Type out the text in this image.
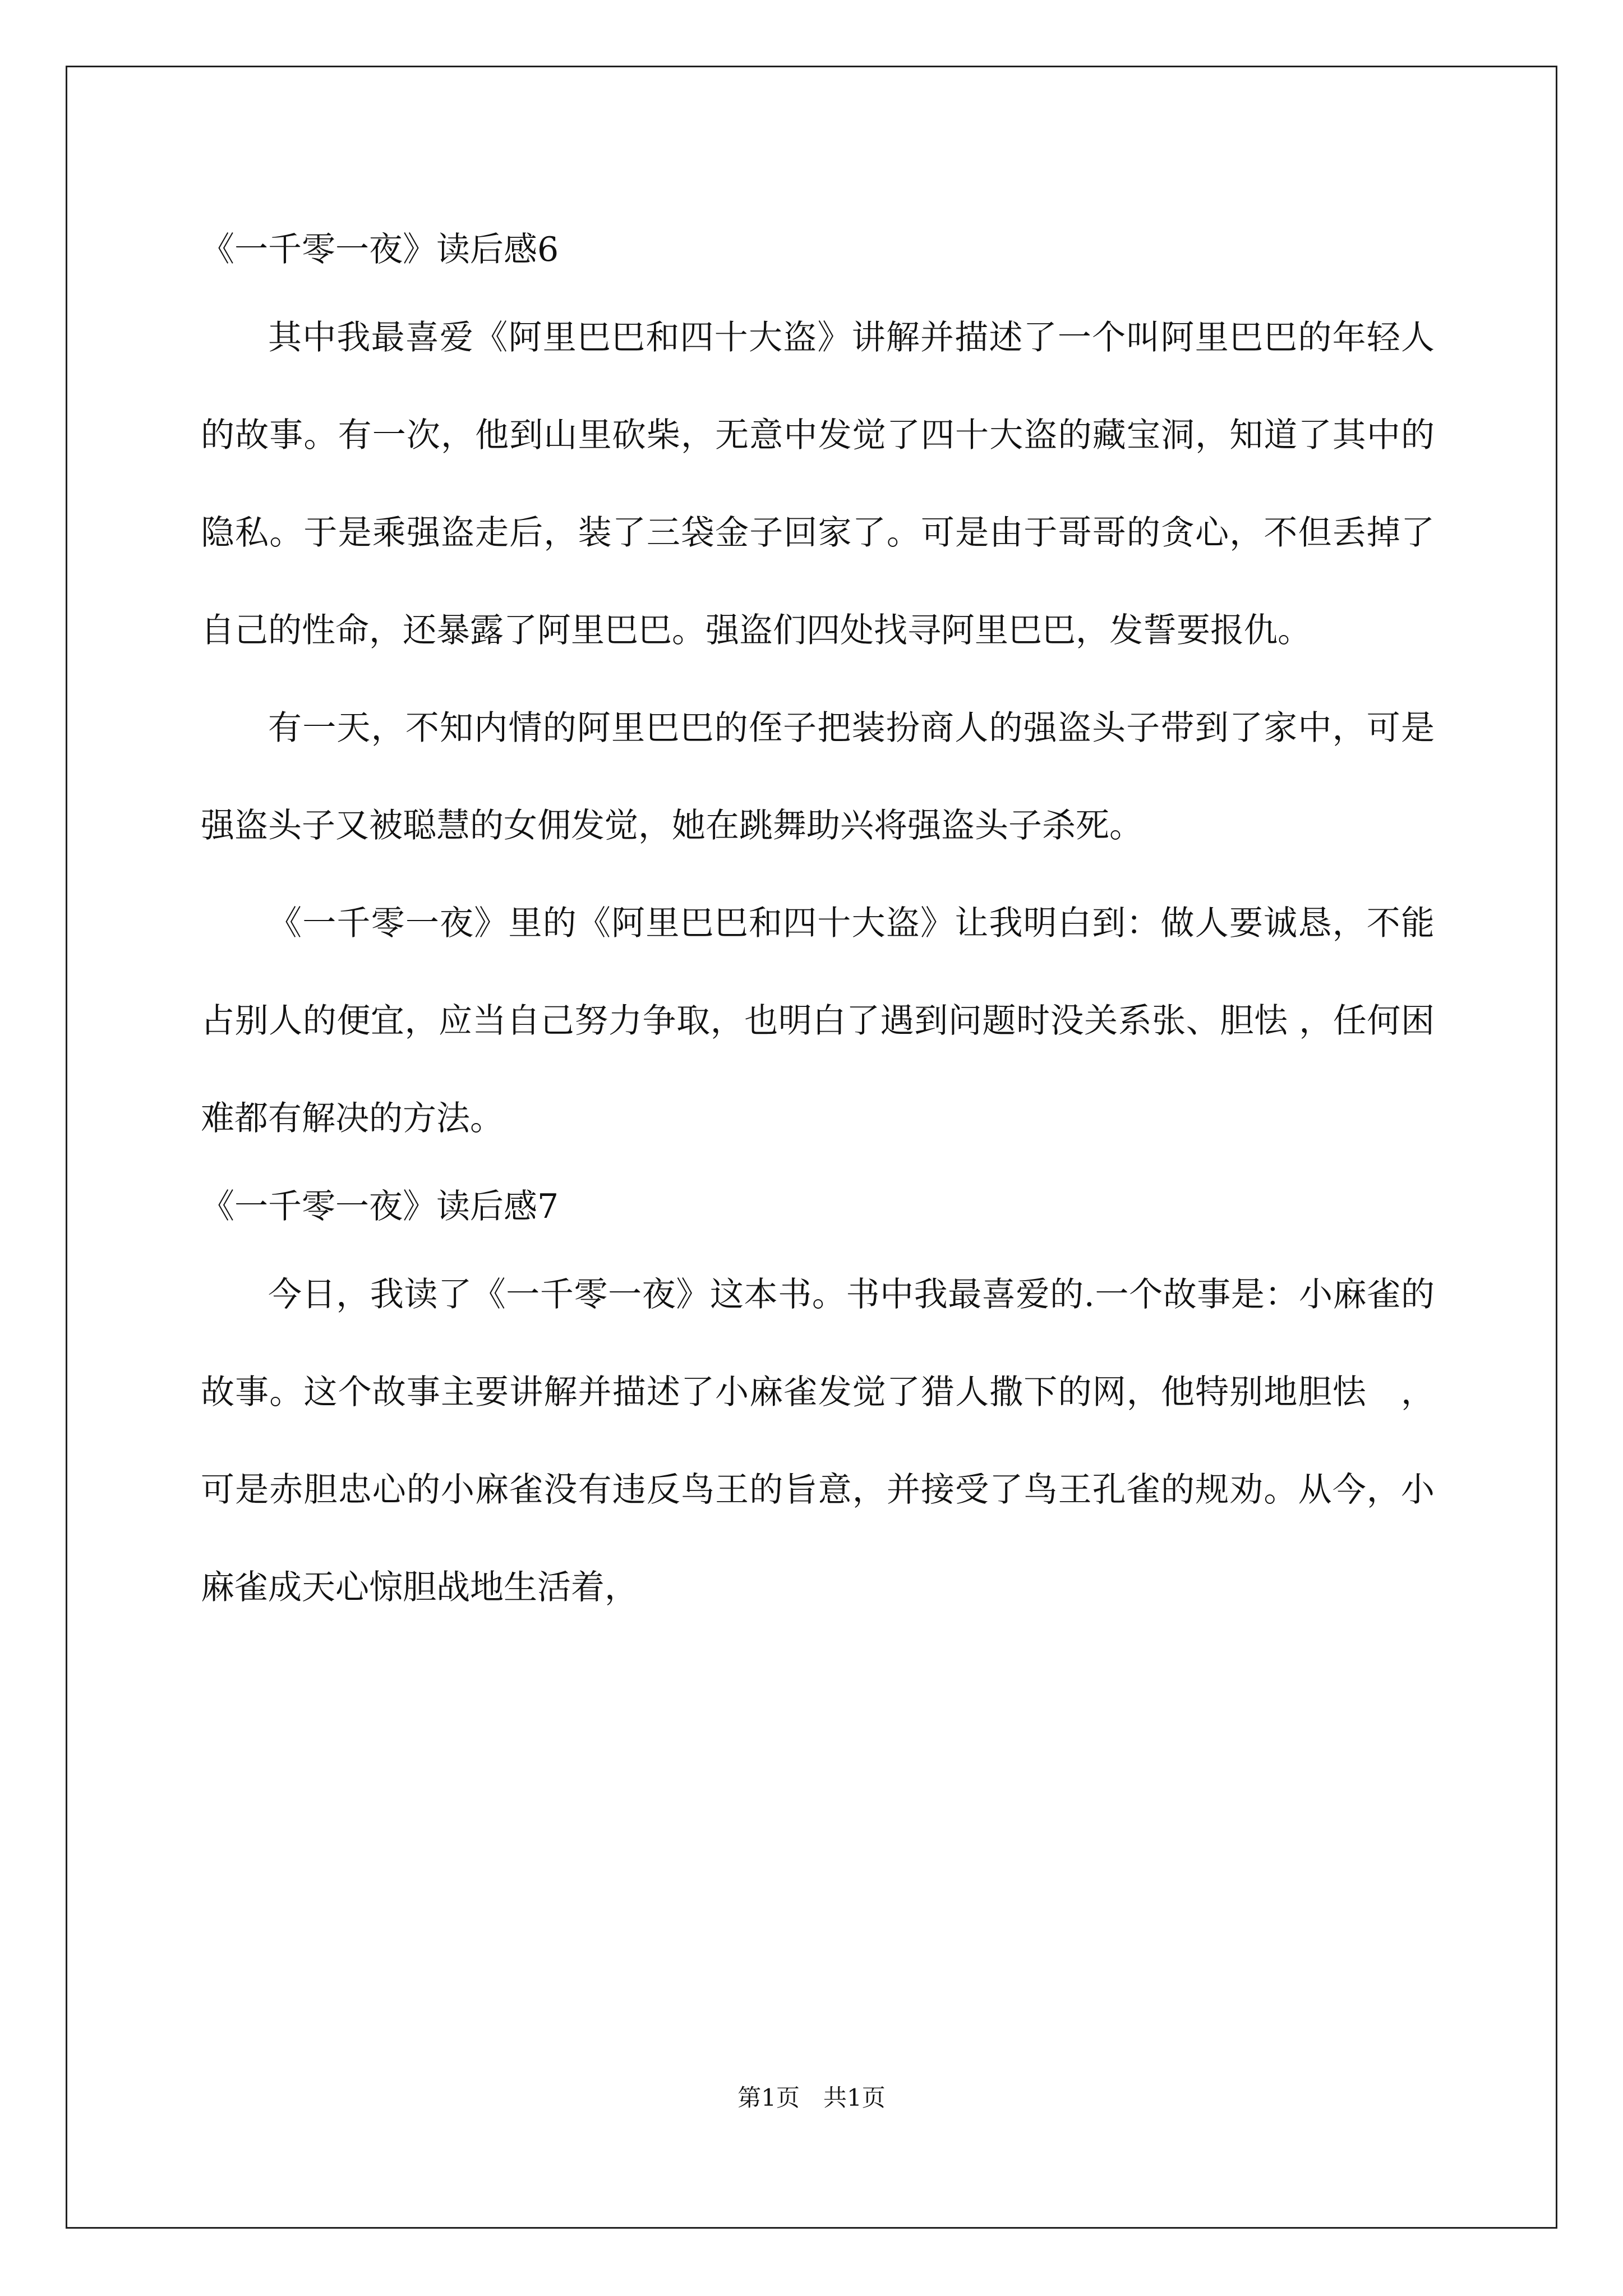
《一千零一夜》读后感6

其中我最喜爱《阿里巴巴和四十大盗》讲解并描述了一个叫阿里巴巴的年轻人的故事。有一次，他到山里砍柴，无意中发觉了四十大盗的藏宝洞，知道了其中的隐私。于是乘强盗走后，装了三袋金子回家了。可是由于哥哥的贪心，不但丢掉了自己的性命，还暴露了阿里巴巴。强盗们四处找寻阿里巴巴，发誓要报仇。

有一天，不知内情的阿里巴巴的侄子把装扮商人的强盗头子带到了家中，可是强盗头子又被聪慧的女佣发觉，她在跳舞助兴将强盗头子杀死。

《一千零一夜》里的《阿里巴巴和四十大盗》让我明白到：做人要诚恳，不能占别人的便宜，应当自己努力争取，也明白了遇到问题时没关系张、胆怯 ，任何困难都有解决的方法。

《一千零一夜》读后感7

今日，我读了《一千零一夜》这本书。书中我最喜爱的.一个故事是：小麻雀的故事。这个故事主要讲解并描述了小麻雀发觉了猎人撒下的网，他特别地胆怯　，可是赤胆忠心的小麻雀没有违反鸟王的旨意，并接受了鸟王孔雀的规劝。从今，小麻雀成天心惊胆战地生活着，

第1页　共1页
